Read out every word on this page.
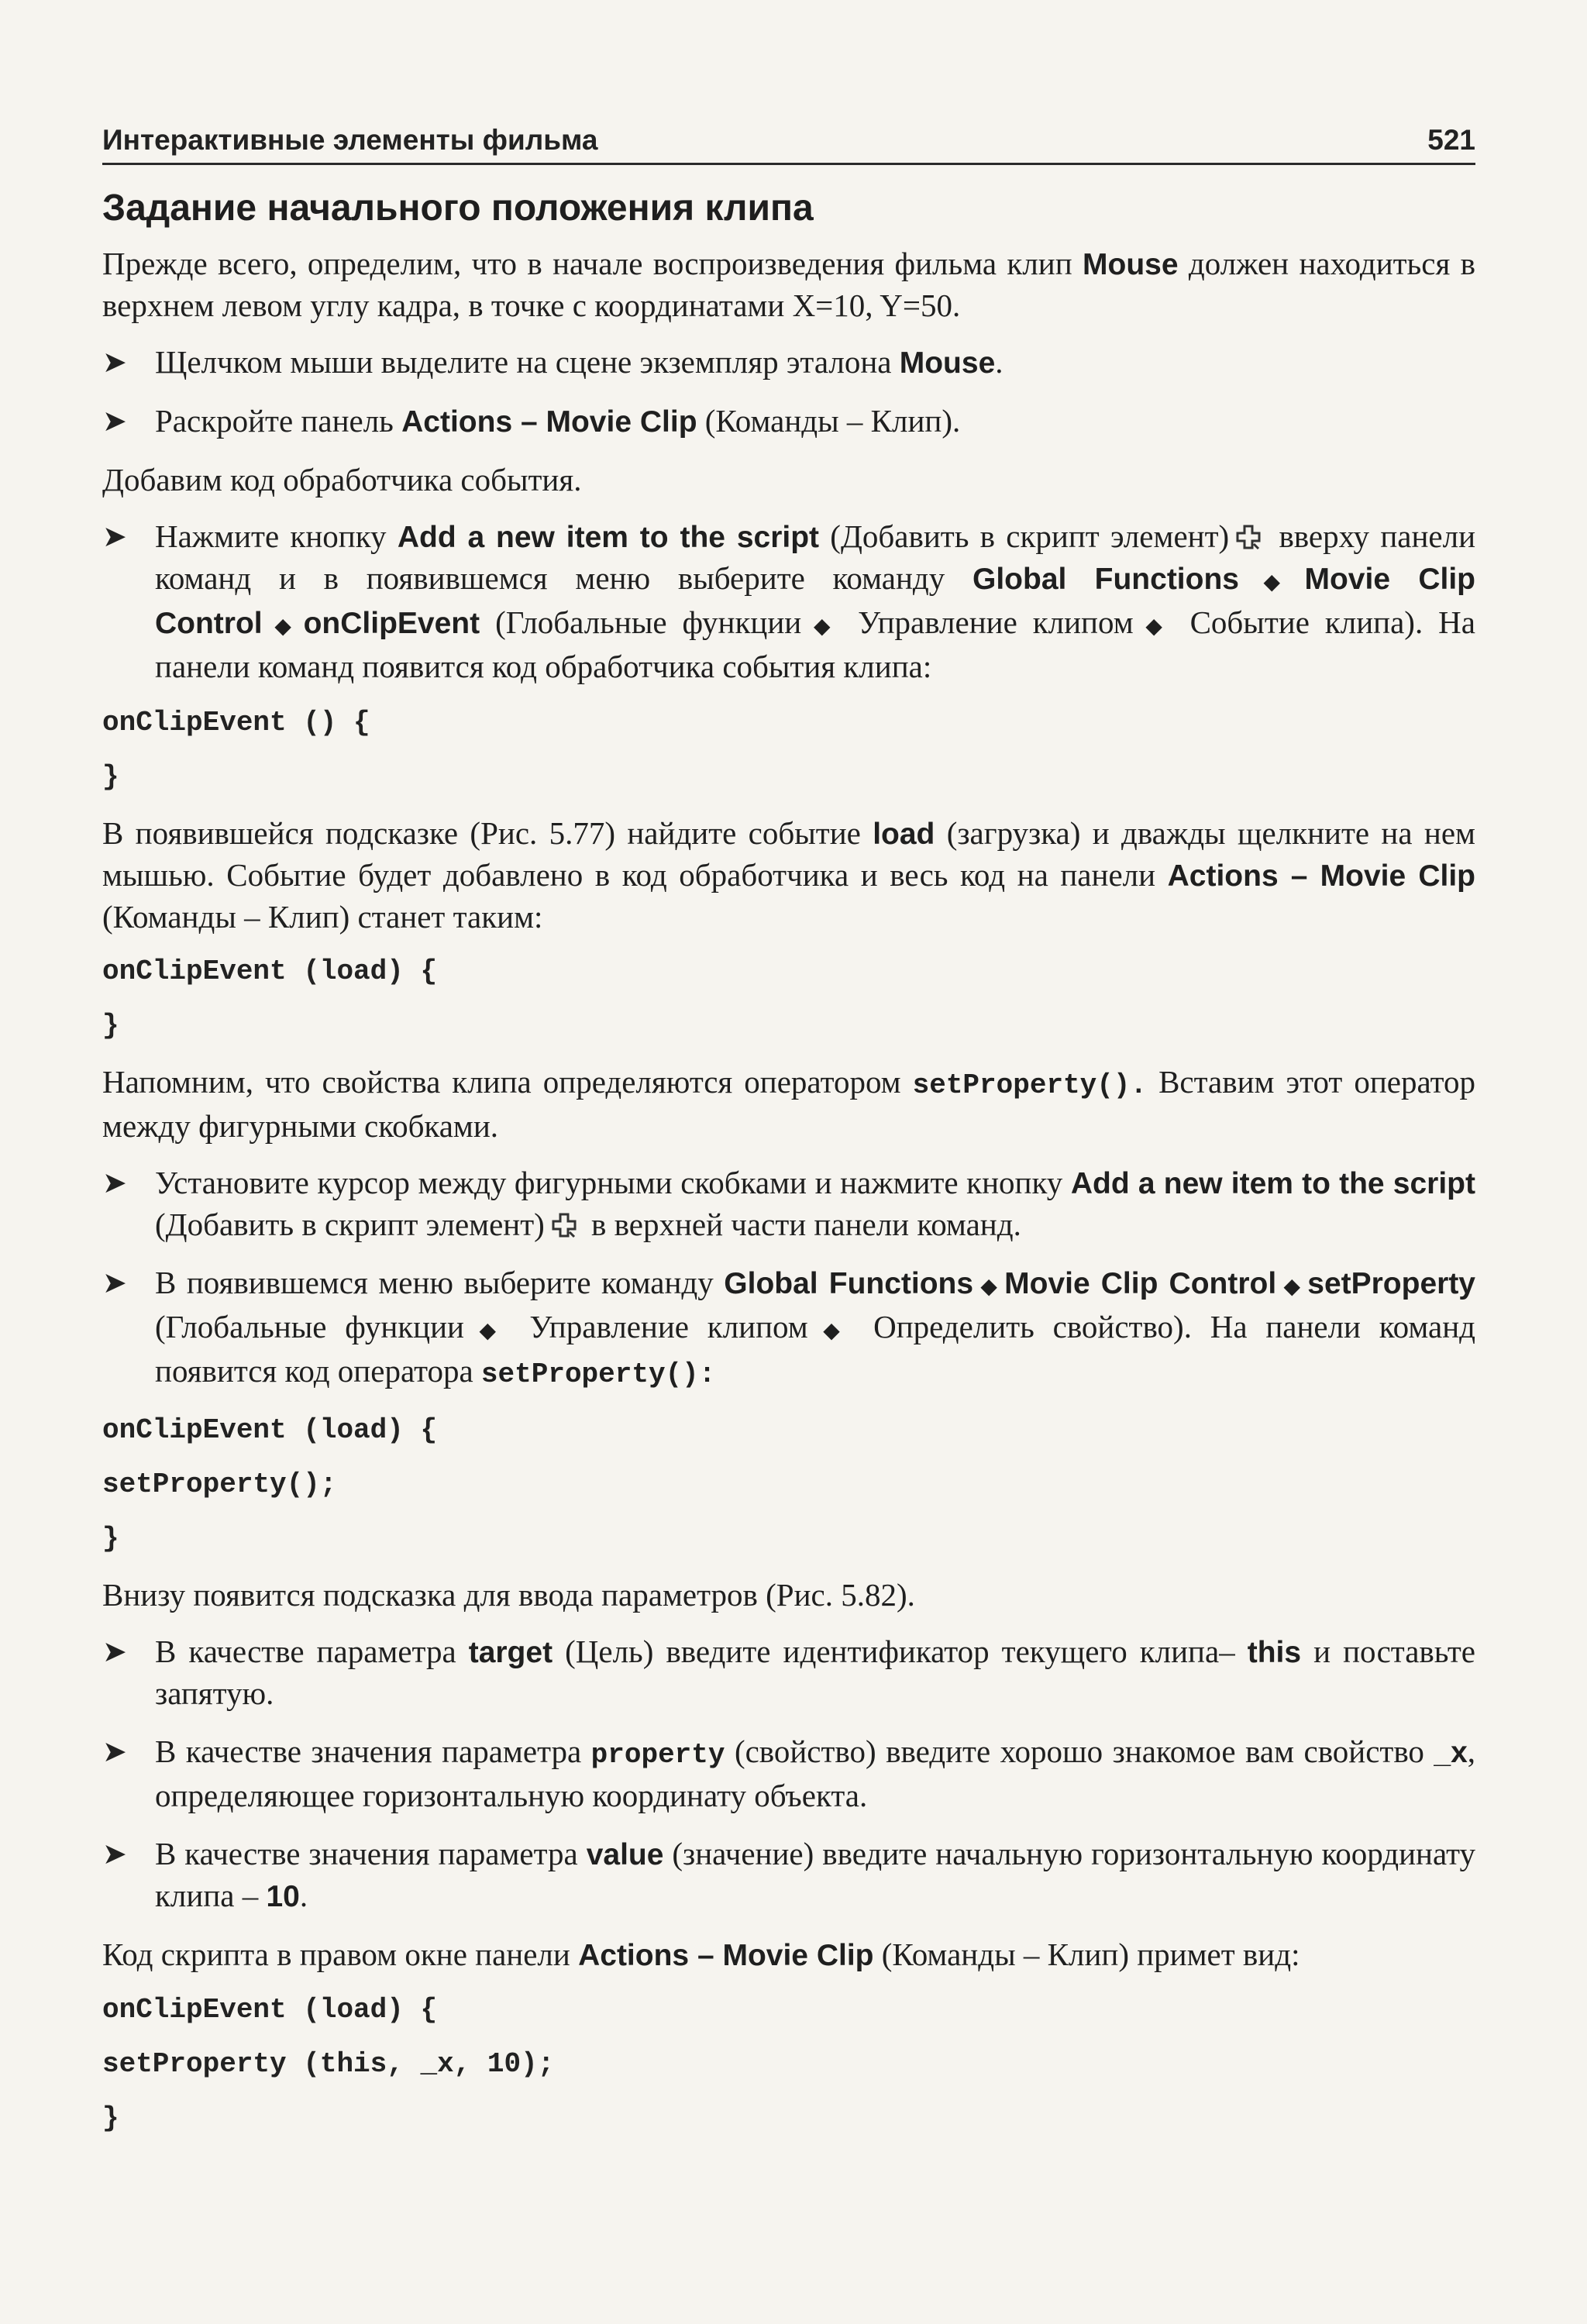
Интерактивные элементы фильма	521
Задание начального положения клипа

Прежде всего, определим, что в начале воспроизведения фильма клип Mouse должен находиться в верхнем левом углу кадра, в точке с координатами X=10, Y=50.

➤ Щелчком мыши выделите на сцене экземпляр эталона Mouse.
➤ Раскройте панель Actions – Movie Clip (Команды – Клип).

Добавим код обработчика события.

➤ Нажмите кнопку Add a new item to the script (Добавить в скрипт элемент) вверху панели команд и в появившемся меню выберите команду Global Functions ◆ Movie Clip Control ◆ onClipEvent (Глобальные функции ◆ Управление клипом ◆ Событие клипа). На панели команд появится код обработчика события клипа:
onClipEvent () {
}

В появившейся подсказке (Рис. 5.77) найдите событие load (загрузка) и дважды щелкните на нем мышью. Событие будет добавлено в код обработчика и весь код на панели Actions – Movie Clip (Команды – Клип) станет таким:

onClipEvent (load) {
}

Напомним, что свойства клипа определяются оператором setProperty(). Вставим этот оператор между фигурными скобками.

➤ Установите курсор между фигурными скобками и нажмите кнопку Add a new item to the script (Добавить в скрипт элемент) в верхней части панели команд.
➤ В появившемся меню выберите команду Global Functions ◆ Movie Clip Control ◆ setProperty (Глобальные функции ◆ Управление клипом ◆ Определить свойство). На панели команд появится код оператора setProperty():
onClipEvent (load) {
setProperty();
}

Внизу появится подсказка для ввода параметров (Рис. 5.82).

➤ В качестве параметра target (Цель) введите идентификатор текущего клипа– this и поставьте запятую.
➤ В качестве значения параметра property (свойство) введите хорошо знакомое вам свойство _x, определяющее горизонтальную координату объекта.
➤ В качестве значения параметра value (значение) введите начальную горизонтальную координату клипа – 10.

Код скрипта в правом окне панели Actions – Movie Clip (Команды – Клип) примет вид:

onClipEvent (load) {
setProperty (this, _x, 10);
}
